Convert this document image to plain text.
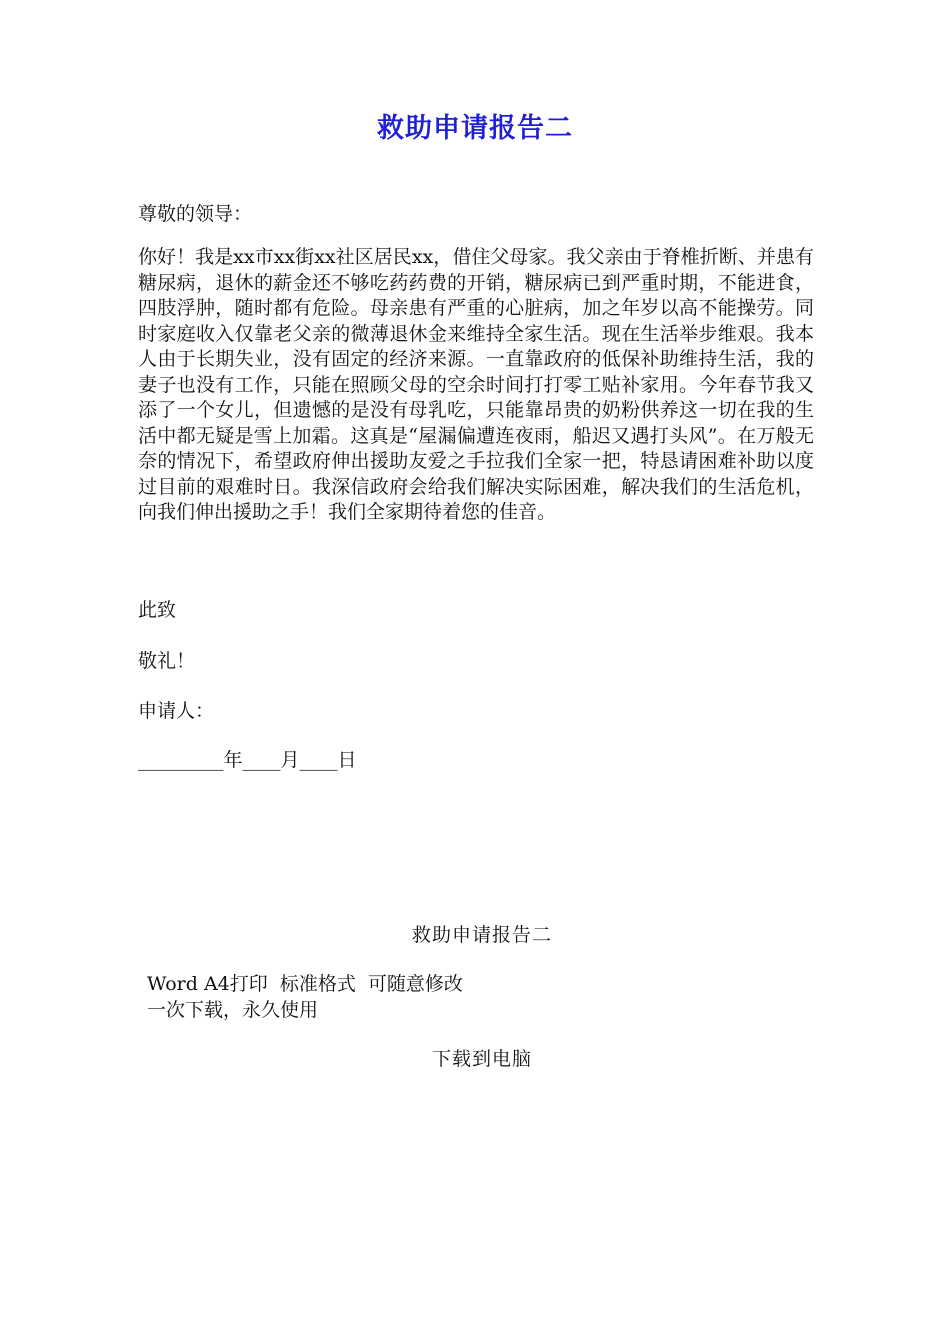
救助申请报告二
尊敬的领导：
你好！我是xx市xx街xx社区居民xx，借住父母家。我父亲由于脊椎折断、并患有糖尿病，退休的薪金还不够吃药药费的开销，糖尿病已到严重时期，不能进食，四肢浮肿，随时都有危险。母亲患有严重的心脏病，加之年岁以高不能操劳。同时家庭收入仅靠老父亲的微薄退休金来维持全家生活。现在生活举步维艰。我本人由于长期失业，没有固定的经济来源。一直靠政府的低保补助维持生活，我的妻子也没有工作，只能在照顾父母的空余时间打打零工贴补家用。今年春节我又添了一个女儿，但遗憾的是没有母乳吃，只能靠昂贵的奶粉供养这一切在我的生活中都无疑是雪上加霜。这真是“屋漏偏遭连夜雨，船迟又遇打头风”。在万般无奈的情况下，希望政府伸出援助友爱之手拉我们全家一把，特恳请困难补助以度过目前的艰难时日。我深信政府会给我们解决实际困难，解决我们的生活危机，向我们伸出援助之手！我们全家期待着您的佳音。
此致
敬礼！
申请人：
_________年____月____日
救助申请报告二
Word A4打印  标准格式  可随意修改
一次下载，永久使用
下载到电脑
